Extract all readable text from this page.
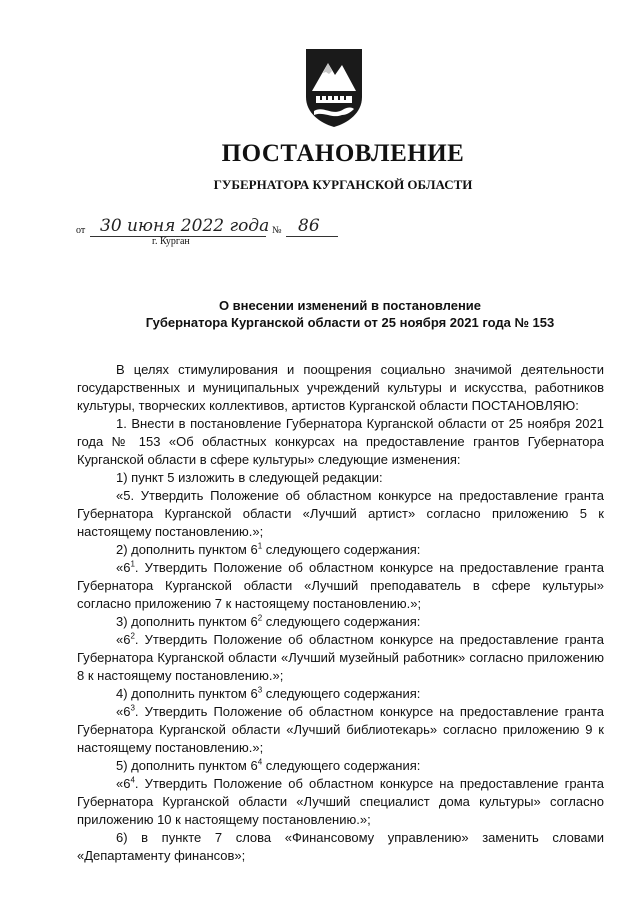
ПОСТАНОВЛЕНИЕ
ГУБЕРНАТОРА КУРГАНСКОЙ ОБЛАСТИ
от 30 июня 2022 года № 86
г. Курган
О внесении изменений в постановление
Губернатора Курганской области от 25 ноября 2021 года № 153

В целях стимулирования и поощрения социально значимой деятельности государственных и муниципальных учреждений культуры и искусства, работников культуры, творческих коллективов, артистов Курганской области ПОСТАНОВЛЯЮ:

1. Внести в постановление Губернатора Курганской области от 25 ноября 2021 года № 153 «Об областных конкурсах на предоставление грантов Губернатора Курганской области в сфере культуры» следующие изменения:

1) пункт 5 изложить в следующей редакции:

«5. Утвердить Положение об областном конкурсе на предоставление гранта Губернатора Курганской области «Лучший артист» согласно приложению 5 к настоящему постановлению.»;

2) дополнить пунктом $6^1$ следующего содержания:

«$6^1$. Утвердить Положение об областном конкурсе на предоставление гранта Губернатора Курганской области «Лучший преподаватель в сфере культуры» согласно приложению 7 к настоящему постановлению.»;

3) дополнить пунктом $6^2$ следующего содержания:

«$6^2$. Утвердить Положение об областном конкурсе на предоставление гранта Губернатора Курганской области «Лучший музейный работник» согласно приложению 8 к настоящему постановлению.»;

4) дополнить пунктом $6^3$ следующего содержания:

«$6^3$. Утвердить Положение об областном конкурсе на предоставление гранта Губернатора Курганской области «Лучший библиотекарь» согласно приложению 9 к настоящему постановлению.»;

5) дополнить пунктом $6^4$ следующего содержания:

«$6^4$. Утвердить Положение об областном конкурсе на предоставление гранта Губернатора Курганской области «Лучший специалист дома культуры» согласно приложению 10 к настоящему постановлению.»;

6) в пункте 7 слова «Финансовому управлению» заменить словами «Департаменту финансов»;
